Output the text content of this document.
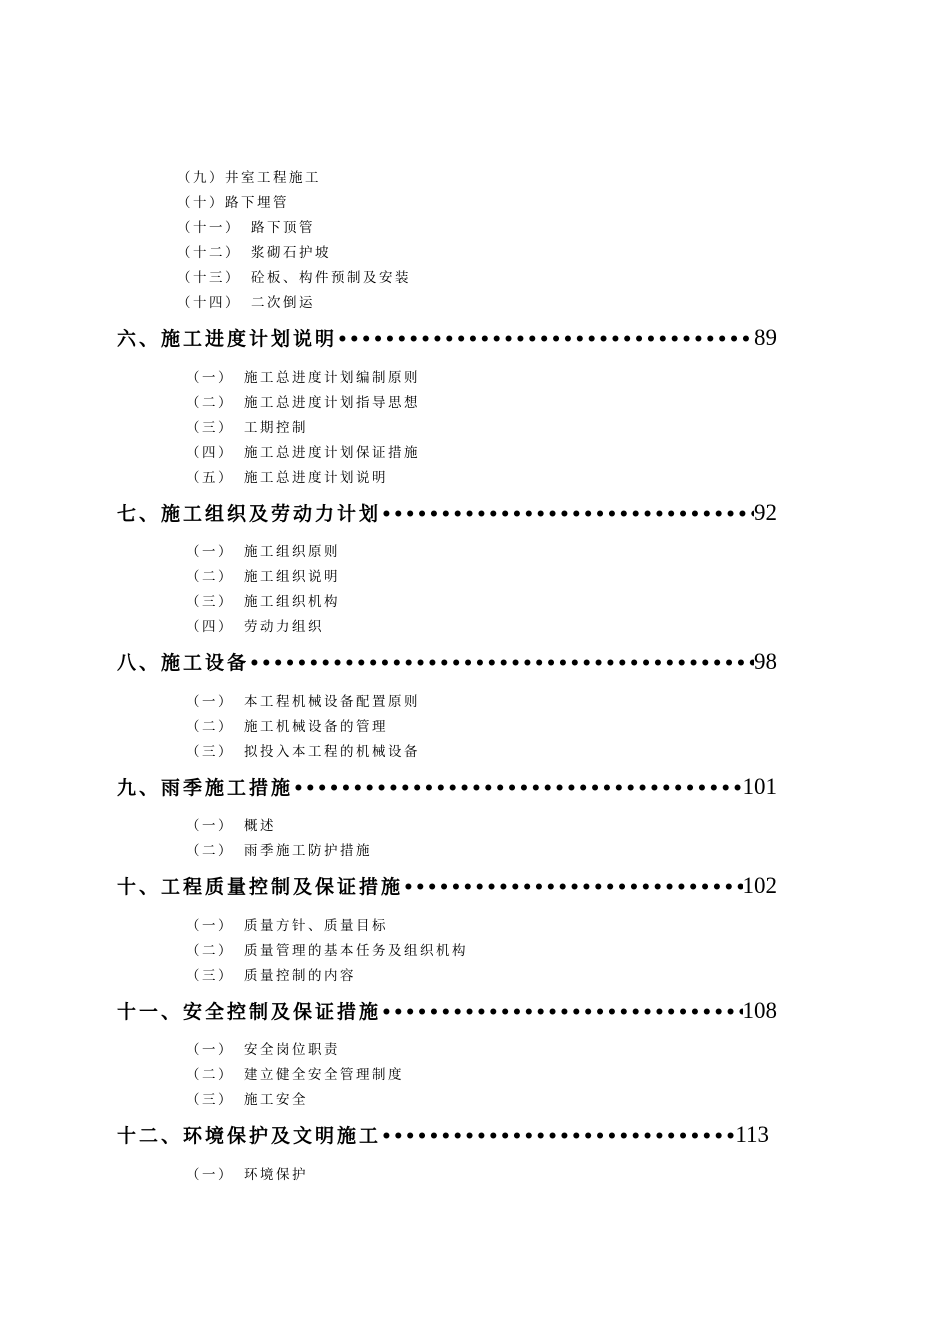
（九）井室工程施工
（十）路下埋管
（十一） 路下顶管
（十二） 浆砌石护坡
（十三） 砼板、构件预制及安装
（十四） 二次倒运
六、 施工进度计划说明 •••••	89
（一） 施工总进度计划编制原则
（二） 施工总进度计划指导思想
（三） 工期控制
（四） 施工总进度计划保证措施
（五） 施工总进度计划说明
七、 施工组织及劳动力计划 •••••	92
（一） 施工组织原则
（二） 施工组织说明
（三） 施工组织机构
（四） 劳动力组织
八、 施工设备 •••••	98
（一） 本工程机械设备配置原则
（二） 施工机械设备的管理
（三） 拟投入本工程的机械设备
九、 雨季施工措施 •••••	101
（一） 概述
（二） 雨季施工防护措施
十、 工程质量控制及保证措施 •••••	102
（一） 质量方针、质量目标
（二） 质量管理的基本任务及组织机构
（三） 质量控制的内容
十一、 安全控制及保证措施 •••••	108
（一） 安全岗位职责
（二） 建立健全安全管理制度
（三） 施工安全
十二、 环境保护及文明施工 •••••	113
（一） 环境保护
